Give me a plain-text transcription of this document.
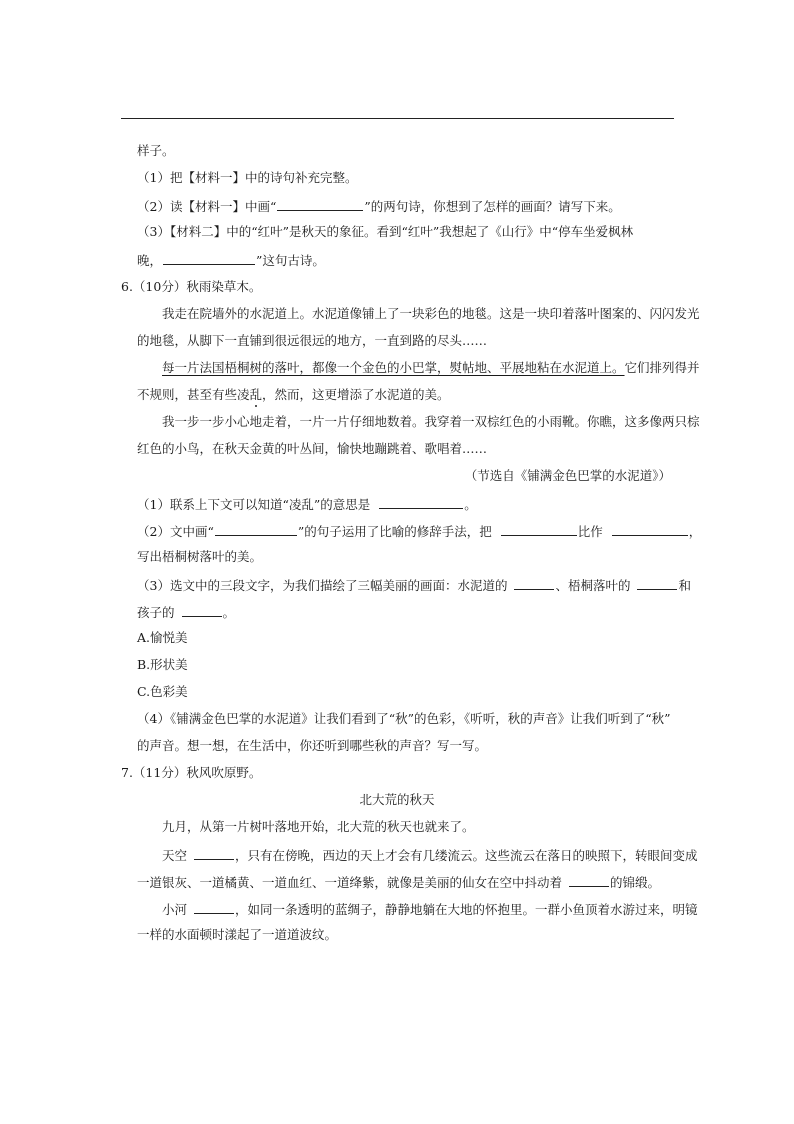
样子。
（1）把【材料一】中的诗句补充完整。
（2）读【材料一】中画“	”的两句诗，你想到了怎样的画面？请写下来。
（3）【材料二】中的“红叶”是秋天的象征。看到“红叶”我想起了《山行》中“停车坐爱枫林
晚，	”这句古诗。
6.（10分）秋雨染草木。
我走在院墙外的水泥道上。水泥道像铺上了一块彩色的地毯。这是一块印着落叶图案的、闪闪发光
的地毯，从脚下一直铺到很远很远的地方，一直到路的尽头……
每一片法国梧桐树的落叶，都像一个金色的小巴掌，熨帖地、平展地粘在水泥道上。它们排列得并
不规则，甚至有些凌乱，然而，这更增添了水泥道的美。
我一步一步小心地走着，一片一片仔细地数着。我穿着一双棕红色的小雨靴。你瞧，这多像两只棕
红色的小鸟，在秋天金黄的叶丛间，愉快地蹦跳着、歌唱着……
（节选自《铺满金色巴掌的水泥道》）
（1）联系上下文可以知道“凌乱”的意思是	。
（2）文中画“	”的句子运用了比喻的修辞手法，把	比作	，
写出梧桐树落叶的美。
（3）选文中的三段文字，为我们描绘了三幅美丽的画面：水泥道的	、梧桐落叶的	和
孩子的	。
A.愉悦美
B.形状美
C.色彩美
（4）《铺满金色巴掌的水泥道》让我们看到了“秋”的色彩，《听听，秋的声音》让我们听到了“秋”
的声音。想一想，在生活中，你还听到哪些秋的声音？写一写。
7.（11分）秋风吹原野。
北大荒的秋天
九月，从第一片树叶落地开始，北大荒的秋天也就来了。
天空	，只有在傍晚，西边的天上才会有几缕流云。这些流云在落日的映照下，转眼间变成
一道银灰、一道橘黄、一道血红、一道绛紫，就像是美丽的仙女在空中抖动着	的锦缎。
小河	，如同一条透明的蓝绸子，静静地躺在大地的怀抱里。一群小鱼顶着水游过来，明镜
一样的水面顿时漾起了一道道波纹。
